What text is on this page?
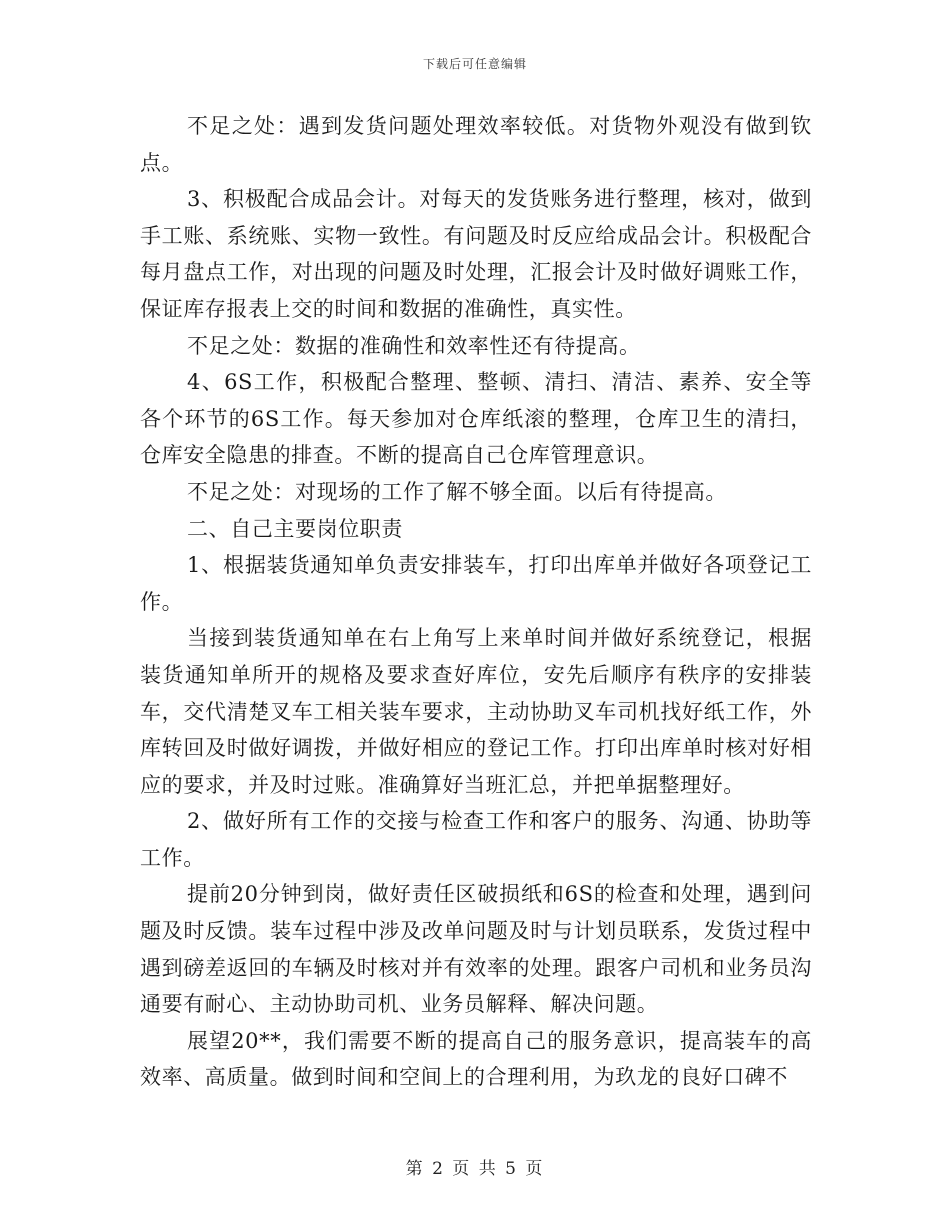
下载后可任意编辑

不足之处：遇到发货问题处理效率较低。对货物外观没有做到钦点。

3、积极配合成品会计。对每天的发货账务进行整理，核对，做到手工账、系统账、实物一致性。有问题及时反应给成品会计。积极配合每月盘点工作，对出现的问题及时处理，汇报会计及时做好调账工作，保证库存报表上交的时间和数据的准确性，真实性。

不足之处：数据的准确性和效率性还有待提高。

4、6S工作，积极配合整理、整顿、清扫、清洁、素养、安全等各个环节的6S工作。每天参加对仓库纸滚的整理，仓库卫生的清扫，仓库安全隐患的排查。不断的提高自己仓库管理意识。

不足之处：对现场的工作了解不够全面。以后有待提高。

二、自己主要岗位职责

1、根据装货通知单负责安排装车，打印出库单并做好各项登记工作。

当接到装货通知单在右上角写上来单时间并做好系统登记，根据装货通知单所开的规格及要求查好库位，安先后顺序有秩序的安排装车，交代清楚叉车工相关装车要求，主动协助叉车司机找好纸工作，外库转回及时做好调拨，并做好相应的登记工作。打印出库单时核对好相应的要求，并及时过账。准确算好当班汇总，并把单据整理好。

2、做好所有工作的交接与检查工作和客户的服务、沟通、协助等工作。

提前20分钟到岗，做好责任区破损纸和6S的检查和处理，遇到问题及时反馈。装车过程中涉及改单问题及时与计划员联系，发货过程中遇到磅差返回的车辆及时核对并有效率的处理。跟客户司机和业务员沟通要有耐心、主动协助司机、业务员解释、解决问题。

展望20**，我们需要不断的提高自己的服务意识，提高装车的高效率、高质量。做到时间和空间上的合理利用，为玖龙的良好口碑不

第 2 页 共 5 页
